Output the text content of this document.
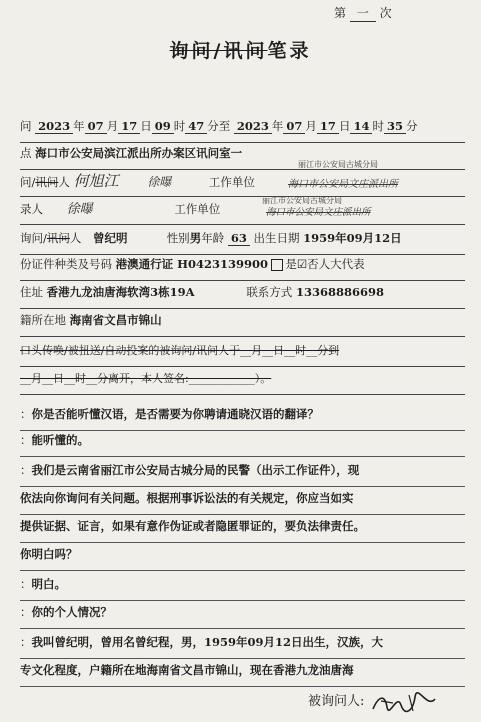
第 一 次
询问/讯问笔录
问 2023 年 07 月 17 日 09 时 47 分至 2023 年 07 月 17 日 14 时 35 分
点 海口市公安局滨江派出所办案区讯问室一
问/讯问人 何旭江 徐曝	工作单位
丽江市公安局古城分局
海口市公安局文庄派出所
录人 徐曝	工作单位
丽江市公安局古城分局
海口市公安局文庄派出所
询问/讯问人 曾纪明	性别男年龄 63 出生日期 1959年09月12日
份证件种类及号码 港澳通行证 H0423139900 是☑否人大代表
住址 香港九龙油唐海软湾3栋19A	联系方式 13368886698
籍所在地 海南省文昌市锦山
口头传唤/被扭送/自动投案的被询问/讯问人于__月__日__时__分到
__月__日__时__分离开，本人签名:____________）。
：你是否能听懂汉语，是否需要为你聘请通晓汉语的翻译？
：能听懂的。
：我们是云南省丽江市公安局古城分局的民警（出示工作证件），现
依法向你询问有关问题。根据刑事诉讼法的有关规定，你应当如实
提供证据、证言，如果有意作伪证或者隐匿罪证的，要负法律责任。
你明白吗？
：明白。
：你的个人情况？
：我叫曾纪明，曾用名曾纪程，男，1959年09月12日出生，汉族，大
专文化程度，户籍所在地海南省文昌市锦山，现在香港九龙油唐海
被询问人:
